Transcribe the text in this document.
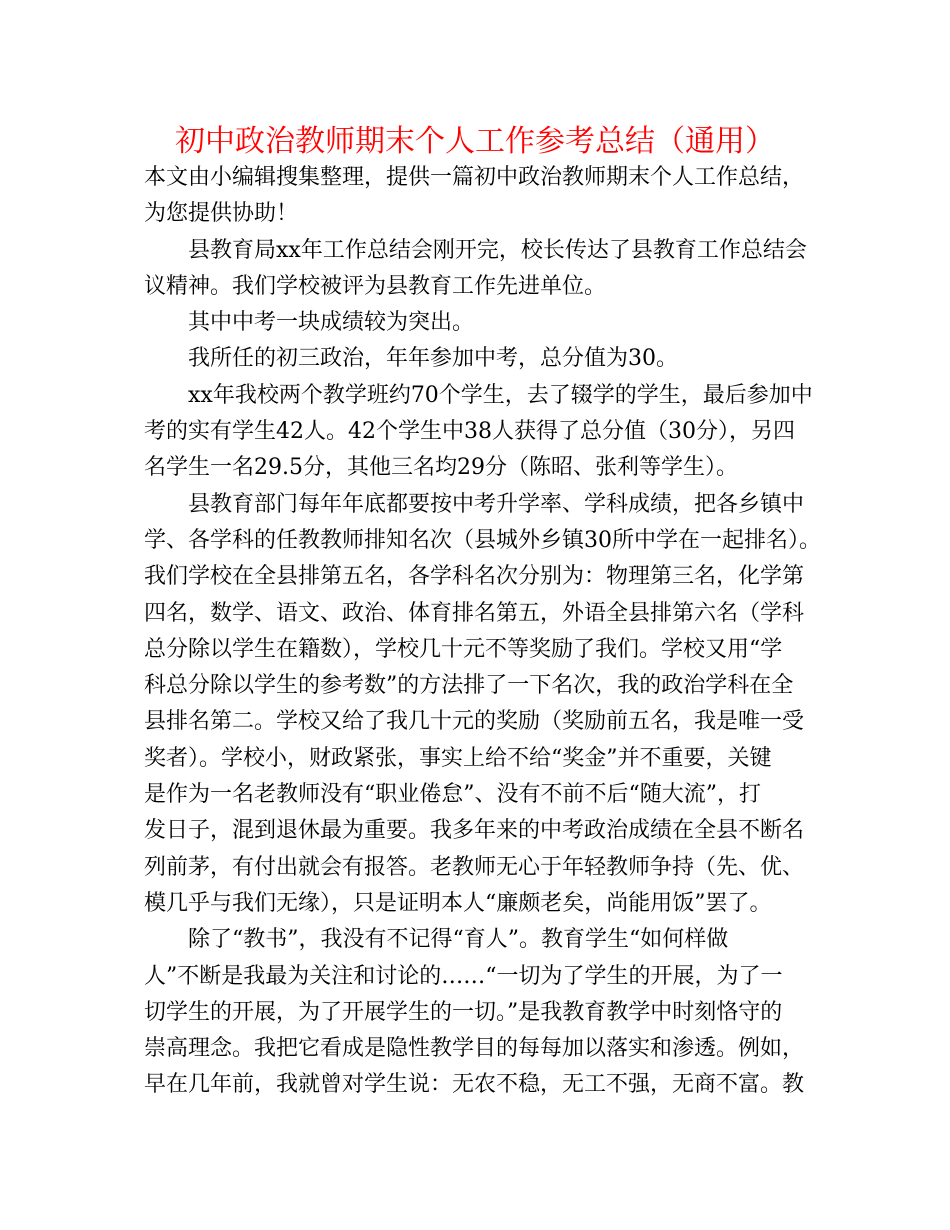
初中政治教师期末个人工作参考总结（通用）
本文由小编辑搜集整理，提供一篇初中政治教师期末个人工作总结，
为您提供协助！
县教育局xx年工作总结会刚开完，校长传达了县教育工作总结会
议精神。我们学校被评为县教育工作先进单位。
其中中考一块成绩较为突出。
我所任的初三政治，年年参加中考，总分值为30。
xx年我校两个教学班约70个学生，去了辍学的学生，最后参加中
考的实有学生42人。42个学生中38人获得了总分值（30分），另四
名学生一名29.5分，其他三名均29分（陈昭、张利等学生）。
县教育部门每年年底都要按中考升学率、学科成绩，把各乡镇中
学、各学科的任教教师排知名次（县城外乡镇30所中学在一起排名）。
我们学校在全县排第五名，各学科名次分别为：物理第三名，化学第
四名，数学、语文、政治、体育排名第五，外语全县排第六名（学科
总分除以学生在籍数），学校几十元不等奖励了我们。学校又用“学
科总分除以学生的参考数”的方法排了一下名次，我的政治学科在全
县排名第二。学校又给了我几十元的奖励（奖励前五名，我是唯一受
奖者）。学校小，财政紧张，事实上给不给“奖金”并不重要，关键
是作为一名老教师没有“职业倦怠”、没有不前不后“随大流”，打
发日子，混到退休最为重要。我多年来的中考政治成绩在全县不断名
列前茅，有付出就会有报答。老教师无心于年轻教师争持（先、优、
模几乎与我们无缘），只是证明本人“廉颇老矣，尚能用饭”罢了。
除了“教书”，我没有不记得“育人”。教育学生“如何样做
人”不断是我最为关注和讨论的……“一切为了学生的开展，为了一
切学生的开展，为了开展学生的一切。”是我教育教学中时刻恪守的
崇高理念。我把它看成是隐性教学目的每每加以落实和渗透。例如，
早在几年前，我就曾对学生说：无农不稳，无工不强，无商不富。教
